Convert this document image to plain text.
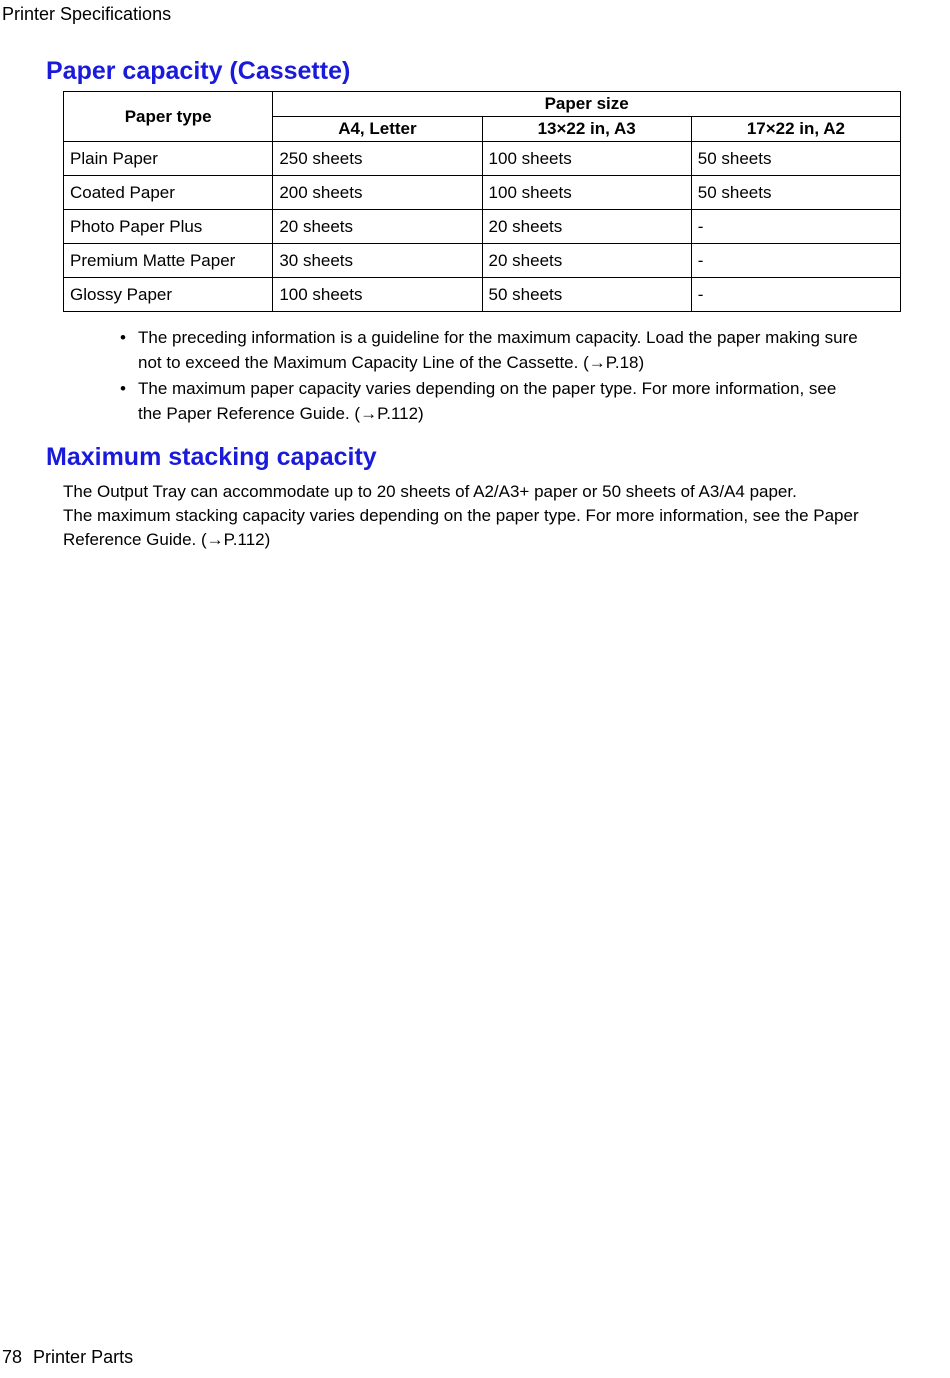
Printer Specifications
Paper capacity (Cassette)
Paper type	Paper size		
	A4, Letter	13×22 in, A3	17×22 in, A2
Plain Paper	250 sheets	100 sheets	50 sheets
Coated Paper	200 sheets	100 sheets	50 sheets
Photo Paper Plus	20 sheets	20 sheets	-
Premium Matte Paper	30 sheets	20 sheets	-
Glossy Paper	100 sheets	50 sheets	-
• The preceding information is a guideline for the maximum capacity. Load the paper making sure not to exceed the Maximum Capacity Line of the Cassette. (→P.18)
• The maximum paper capacity varies depending on the paper type. For more information, see the Paper Reference Guide. (→P.112)
Maximum stacking capacity

The Output Tray can accommodate up to 20 sheets of A2/A3+ paper or 50 sheets of A3/A4 paper.

The maximum stacking capacity varies depending on the paper type. For more information, see the Paper Reference Guide. (→P.112)

78 Printer Parts
